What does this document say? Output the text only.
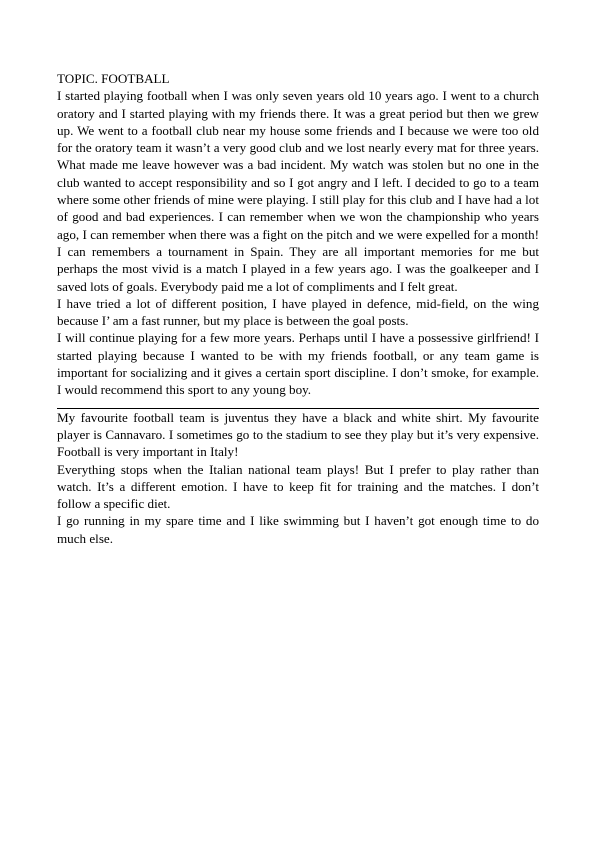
TOPIC. FOOTBALL

I started playing football when I was only seven years old 10 years ago. I went to a church oratory and I started playing with my friends there. It was a great period but then we grew up. We went to a football club near my house some friends and I because we were too old for the oratory team it wasn’t a very good club and we lost nearly every mat for three years. What made me leave however was a bad incident. My watch was stolen but no one in the club wanted to accept responsibility and so I got angry and I left. I decided to go to a team where some other friends of mine were playing. I still play for this club and I have had a lot of good and bad experiences. I can remember when we won the championship who years ago, I can remember when there was a fight on the pitch and we were expelled for a month! I can remembers a tournament in Spain. They are all important memories for me but perhaps the most vivid is a match I played in a few years ago. I was the goalkeeper and I saved lots of goals. Everybody paid me a lot of compliments and I felt great.

I have tried a lot of different position, I have played in defence, mid-field, on the wing because I’ am a fast runner, but my place is between the goal posts.

I will continue playing for a few more years. Perhaps until I have a possessive girlfriend! I started playing because I wanted to be with my friends football, or any team game is important for socializing and it gives a certain sport discipline. I don’t smoke, for example. I would recommend this sport to any young boy.

My favourite football team is juventus they have a black and white shirt. My favourite player is Cannavaro. I sometimes go to the stadium to see they play but it’s very expensive. Football is very important in Italy!

Everything stops when the Italian national team plays! But I prefer to play rather than watch. It’s a different emotion. I have to keep fit for training and the matches. I don’t follow a specific diet.

I go running in my spare time and I like swimming but I haven’t got enough time to do much else.
